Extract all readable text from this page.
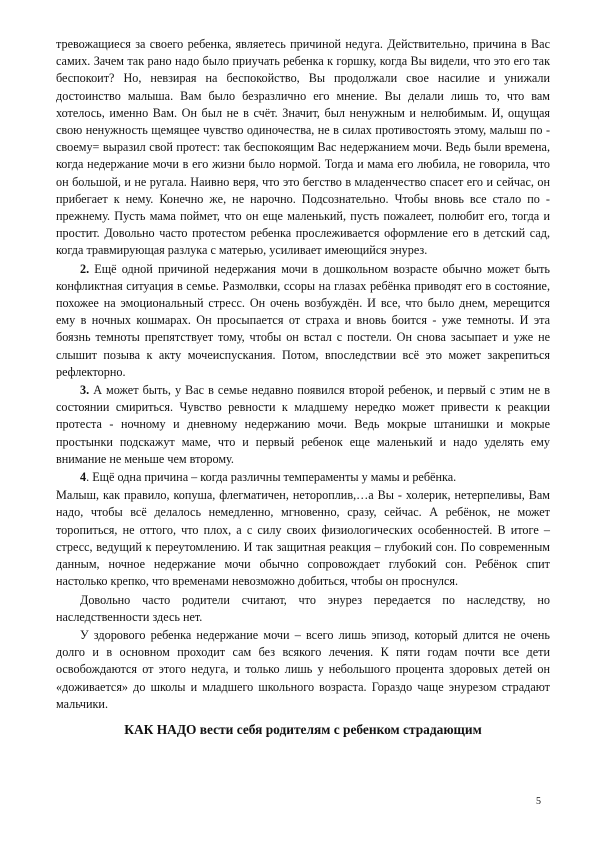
тревожащиеся за своего ребенка, являетесь причиной недуга. Действительно, причина в Вас самих. Зачем так рано надо было приучать ребенка к горшку, когда Вы видели, что это его так беспокоит? Но, невзирая на беспокойство, Вы продолжали свое насилие и унижали достоинство малыша. Вам было безразлично его мнение. Вы делали лишь то, что вам хотелось, именно Вам. Он был не в счёт. Значит, был ненужным и нелюбимым. И, ощущая свою ненужность щемящее чувство одиночества, не в силах противостоять этому, малыш по - своему= выразил свой протест: так беспокоящим Вас недержанием мочи. Ведь были времена, когда недержание мочи в его жизни было нормой. Тогда и мама его любила, не говорила, что он большой, и не ругала. Наивно веря, что это бегство в младенчество спасет его и сейчас, он прибегает к нему. Конечно же, не нарочно. Подсознательно. Чтобы вновь все стало по - прежнему. Пусть мама поймет, что он еще маленький, пусть пожалеет, полюбит его, тогда и простит. Довольно часто протестом ребенка прослеживается оформление его в детский сад, когда травмирующая разлука с матерью, усиливает имеющийся энурез.

2. Ещё одной причиной недержания мочи в дошкольном возрасте обычно может быть конфликтная ситуация в семье. Размолвки, ссоры на глазах ребёнка приводят его в состояние, похожее на эмоциональный стресс. Он очень возбуждён. И все, что было днем, мерещится ему в ночных кошмарах. Он просыпается от страха и вновь боится - уже темноты. И эта боязнь темноты препятствует тому, чтобы он встал с постели. Он снова засыпает и уже не слышит позыва к акту мочеиспускания. Потом, впоследствии всё это может закрепиться рефлекторно.

3. А может быть, у Вас в семье недавно появился второй ребенок, и первый с этим не в состоянии смириться. Чувство ревности к младшему нередко может привести к реакции протеста - ночному и дневному недержанию мочи. Ведь мокрые штанишки и мокрые простынки подскажут маме, что и первый ребенок еще маленький и надо уделять ему внимание не меньше чем второму.

4. Ещё одна причина – когда различны темпераменты у мамы и ребёнка.

Малыш, как правило, копуша, флегматичен, нетороплив,…а Вы - холерик, нетерпеливы, Вам надо, чтобы всё делалось немедленно, мгновенно, сразу, сейчас. А ребёнок, не может торопиться, не оттого, что плох, а с силу своих физиологических особенностей. В итоге – стресс, ведущий к переутомлению. И так защитная реакция – глубокий сон. По современным данным, ночное недержание мочи обычно сопровождает глубокий сон. Ребёнок спит настолько крепко, что временами невозможно добиться, чтобы он проснулся.

Довольно часто родители считают, что энурез передается по наследству, но наследственности здесь нет.

У здорового ребенка недержание мочи – всего лишь эпизод, который длится не очень долго и в основном проходит сам без всякого лечения. К пяти годам почти все дети освобождаются от этого недуга, и только лишь у небольшого процента здоровых детей он «доживается» до школы и младшего школьного возраста. Гораздо чаще энурезом страдают мальчики.

КАК НАДО вести себя родителям с ребенком страдающим
5
